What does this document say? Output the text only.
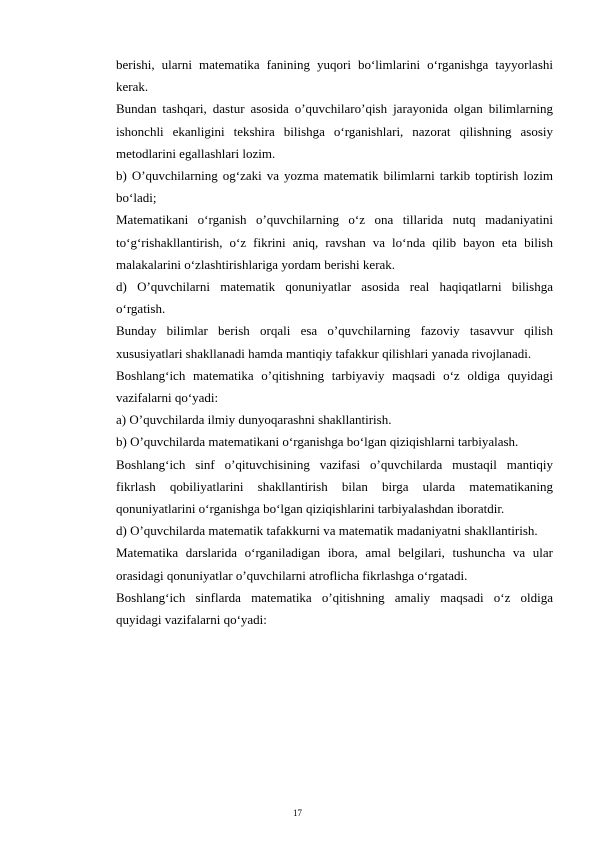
berishi, ularni matematika fanining yuqori bo‘limlarini o‘rganishga tayyorlashi kerak.

Bundan tashqari, dastur asosida o’quvchilaro’qish jarayonida olgan bilimlarning ishonchli ekanligini tekshira bilishga o‘rganishlari, nazorat qilishning asosiy metodlarini egallashlari lozim.

b) O’quvchilarning og‘zaki va yozma matematik bilimlarni tarkib toptirish lozim bo‘ladi;

Matematikani o‘rganish o’quvchilarning o‘z ona tillarida nutq madaniyatini to‘g‘rishakllantirish, o‘z fikrini aniq, ravshan va lo‘nda qilib bayon eta bilish malakalarini o‘zlashtirishlariga yordam berishi kerak.

d) O’quvchilarni matematik qonuniyatlar asosida real haqiqatlarni bilishga o‘rgatish.

Bunday bilimlar berish orqali esa o’quvchilarning fazoviy tasavvur qilish xususiyatlari shakllanadi hamda mantiqiy tafakkur qilishlari yanada rivojlanadi.

Boshlang‘ich matematika o’qitishning tarbiyaviy maqsadi o‘z oldiga quyidagi vazifalarni qo‘yadi:

a) O’quvchilarda ilmiy dunyoqarashni shakllantirish.

b) O’quvchilarda matematikani o‘rganishga bo‘lgan qiziqishlarni tarbiyalash.

Boshlang‘ich sinf o’qituvchisining vazifasi o’quvchilarda mustaqil mantiqiy fikrlash qobiliyatlarini shakllantirish bilan birga ularda matematikaning qonuniyatlarini o‘rganishga bo‘lgan qiziqishlarini tarbiyalashdan iboratdir.

d) O’quvchilarda matematik tafakkurni va matematik madaniyatni shakllantirish.

Matematika darslarida o‘rganiladigan ibora, amal belgilari, tushuncha va ular orasidagi qonuniyatlar o’quvchilarni atroflicha fikrlashga o‘rgatadi.

Boshlang‘ich sinflarda matematika o’qitishning amaliy maqsadi o‘z oldiga quyidagi vazifalarni qo‘yadi:

17
